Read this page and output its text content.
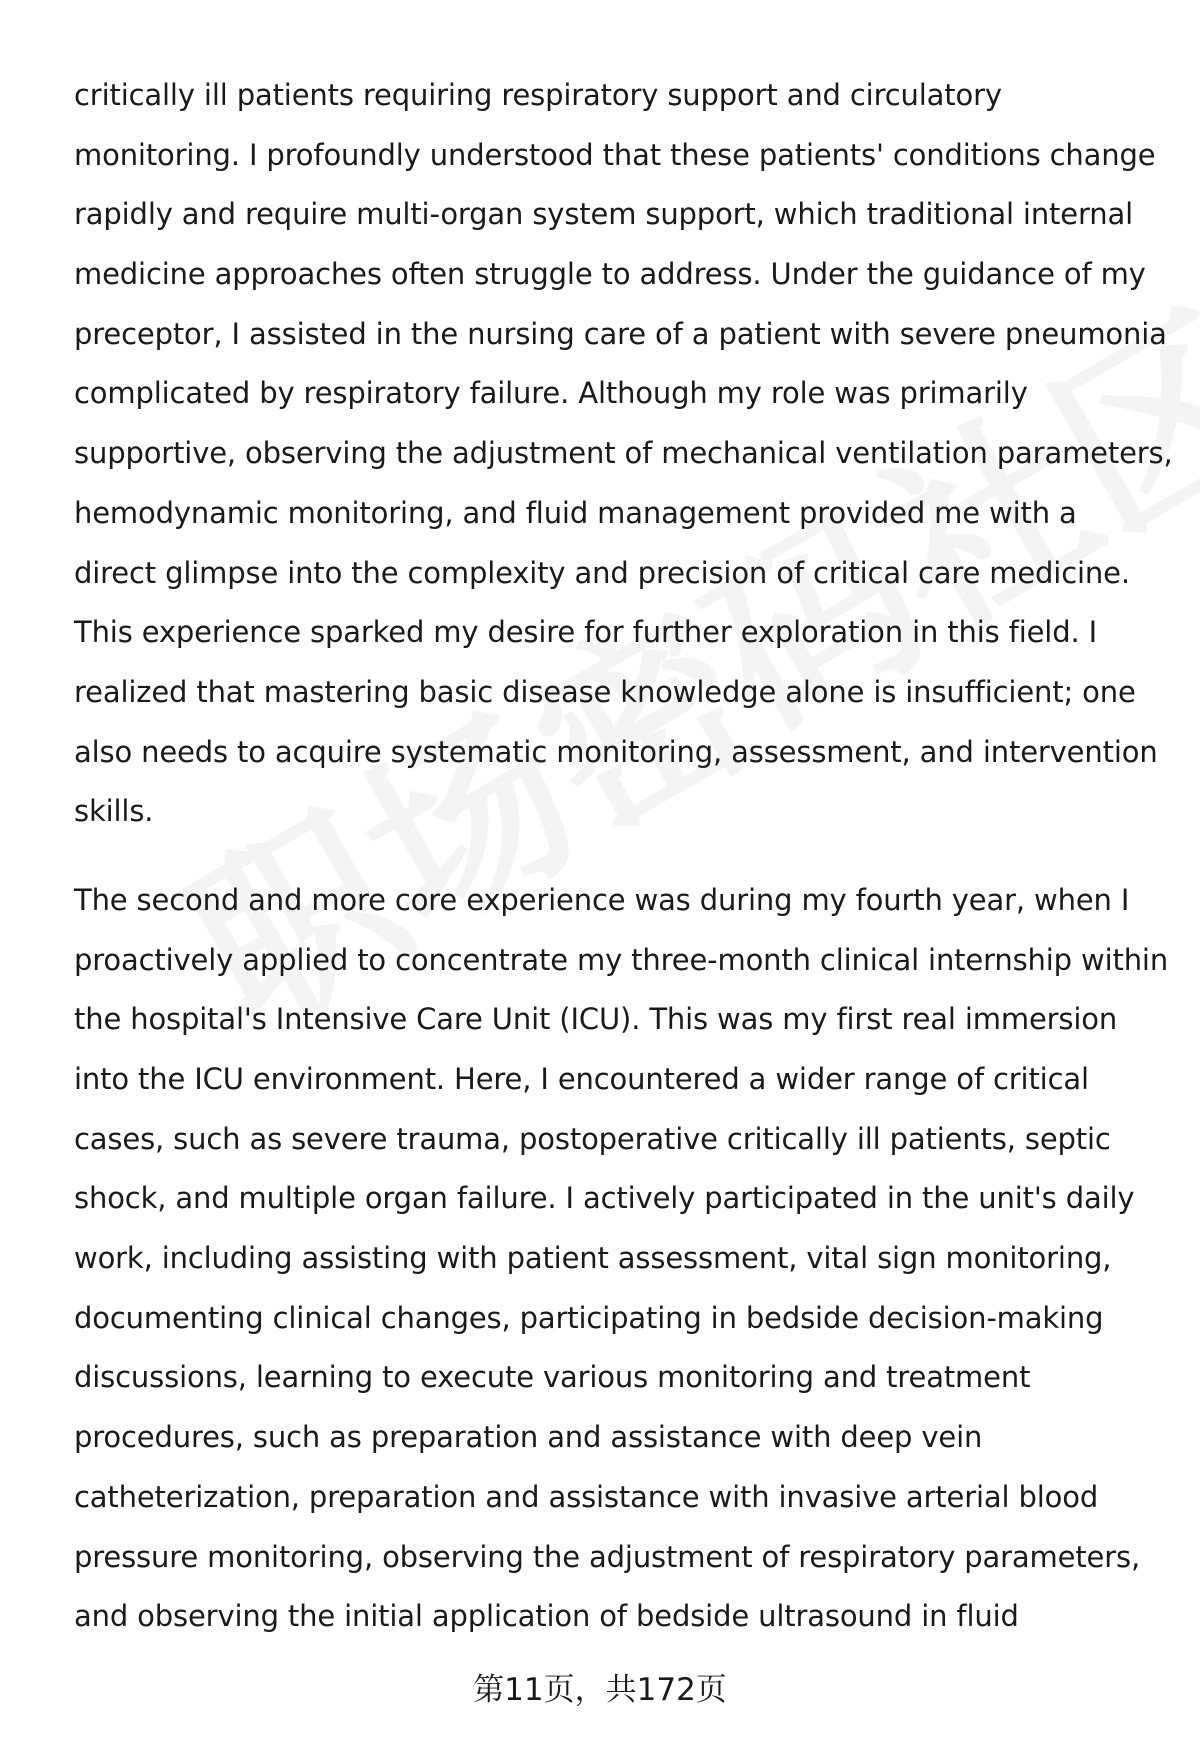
critically ill patients requiring respiratory support and circulatory
monitoring. I profoundly understood that these patients' conditions change
rapidly and require multi-organ system support, which traditional internal
medicine approaches often struggle to address. Under the guidance of my
preceptor, I assisted in the nursing care of a patient with severe pneumonia
complicated by respiratory failure. Although my role was primarily
supportive, observing the adjustment of mechanical ventilation parameters,
hemodynamic monitoring, and fluid management provided me with a
direct glimpse into the complexity and precision of critical care medicine.
This experience sparked my desire for further exploration in this field. I
realized that mastering basic disease knowledge alone is insufficient; one
also needs to acquire systematic monitoring, assessment, and intervention
skills.
The second and more core experience was during my fourth year, when I
proactively applied to concentrate my three-month clinical internship within
the hospital's Intensive Care Unit (ICU). This was my first real immersion
into the ICU environment. Here, I encountered a wider range of critical
cases, such as severe trauma, postoperative critically ill patients, septic
shock, and multiple organ failure. I actively participated in the unit's daily
work, including assisting with patient assessment, vital sign monitoring,
documenting clinical changes, participating in bedside decision-making
discussions, learning to execute various monitoring and treatment
procedures, such as preparation and assistance with deep vein
catheterization, preparation and assistance with invasive arterial blood
pressure monitoring, observing the adjustment of respiratory parameters,
and observing the initial application of bedside ultrasound in fluid
第11页，共172页
